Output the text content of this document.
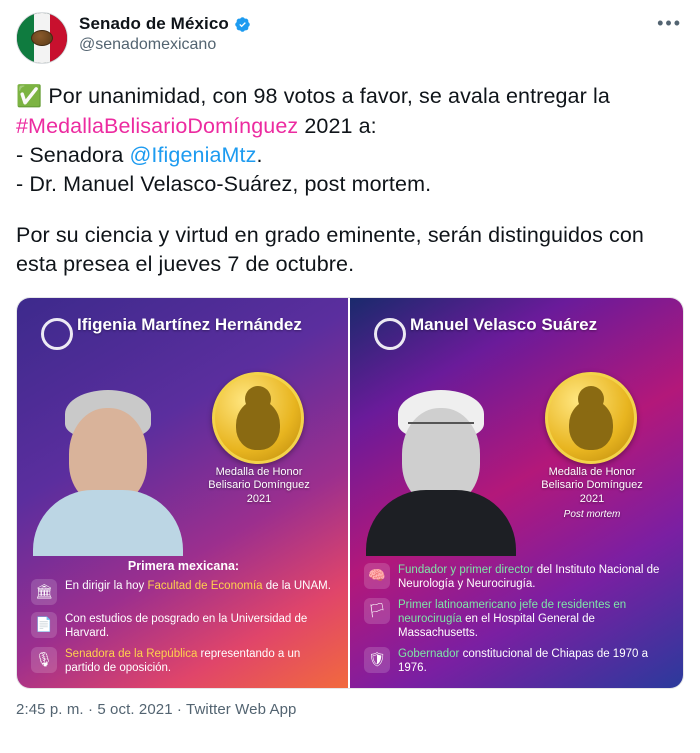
Senado de México
@senadomexicano
•••

✅ Por unanimidad, con 98 votos a favor, se avala entregar la #MedallaBelisarioDomínguez 2021 a:
- Senadora @IfigeniaMtz.
- Dr. Manuel Velasco-Suárez, post mortem.

Por su ciencia y virtud en grado eminente, serán distinguidos con esta presea el jueves 7 de octubre.

Ifigenia Martínez Hernández
Medalla de Honor
Belisario Domínguez
2021
Primera mexicana:
🏛	En dirigir la hoy Facultad de Economía de la UNAM.
📄	Con estudios de posgrado en la Universidad de Harvard.
🎙	Senadora de la República representando a un partido de oposición.
Manuel Velasco Suárez
Medalla de Honor
Belisario Domínguez
2021
Post mortem
🧠	Fundador y primer director del Instituto Nacional de Neurología y Neurocirugía.
🏳	Primer latinoamericano jefe de residentes en neurocirugía en el Hospital General de Massachusetts.
🛡	Gobernador constitucional de Chiapas de 1970 a 1976.
2:45 p. m. · 5 oct. 2021 · Twitter Web App
